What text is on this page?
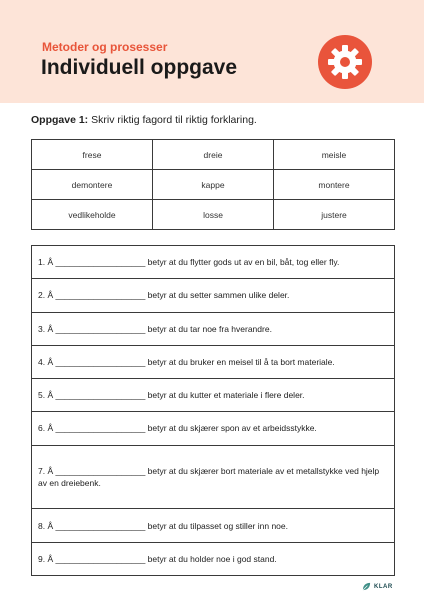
Metoder og prosesser
Individuell oppgave
Oppgave 1: Skriv riktig fagord til riktig forklaring.
frese	dreie	meisle
demontere	kappe	montere
vedlikeholde	losse	justere
1. Å ___________________ betyr at du flytter gods ut av en bil, båt, tog eller fly.
2. Å ___________________ betyr at du setter sammen ulike deler.
3. Å ___________________ betyr at du tar noe fra hverandre.
4. Å ___________________ betyr at du bruker en meisel til å ta bort materiale.
5. Å ___________________ betyr at du kutter et materiale i flere deler.
6. Å ___________________ betyr at du skjærer spon av et arbeidsstykke.
7. Å ___________________ betyr at du skjærer bort materiale av et metallstykke ved hjelp av en dreiebenk.
8. Å ___________________ betyr at du tilpasset og stiller inn noe.
9. Å ___________________ betyr at du holder noe i god stand.
KLAR
